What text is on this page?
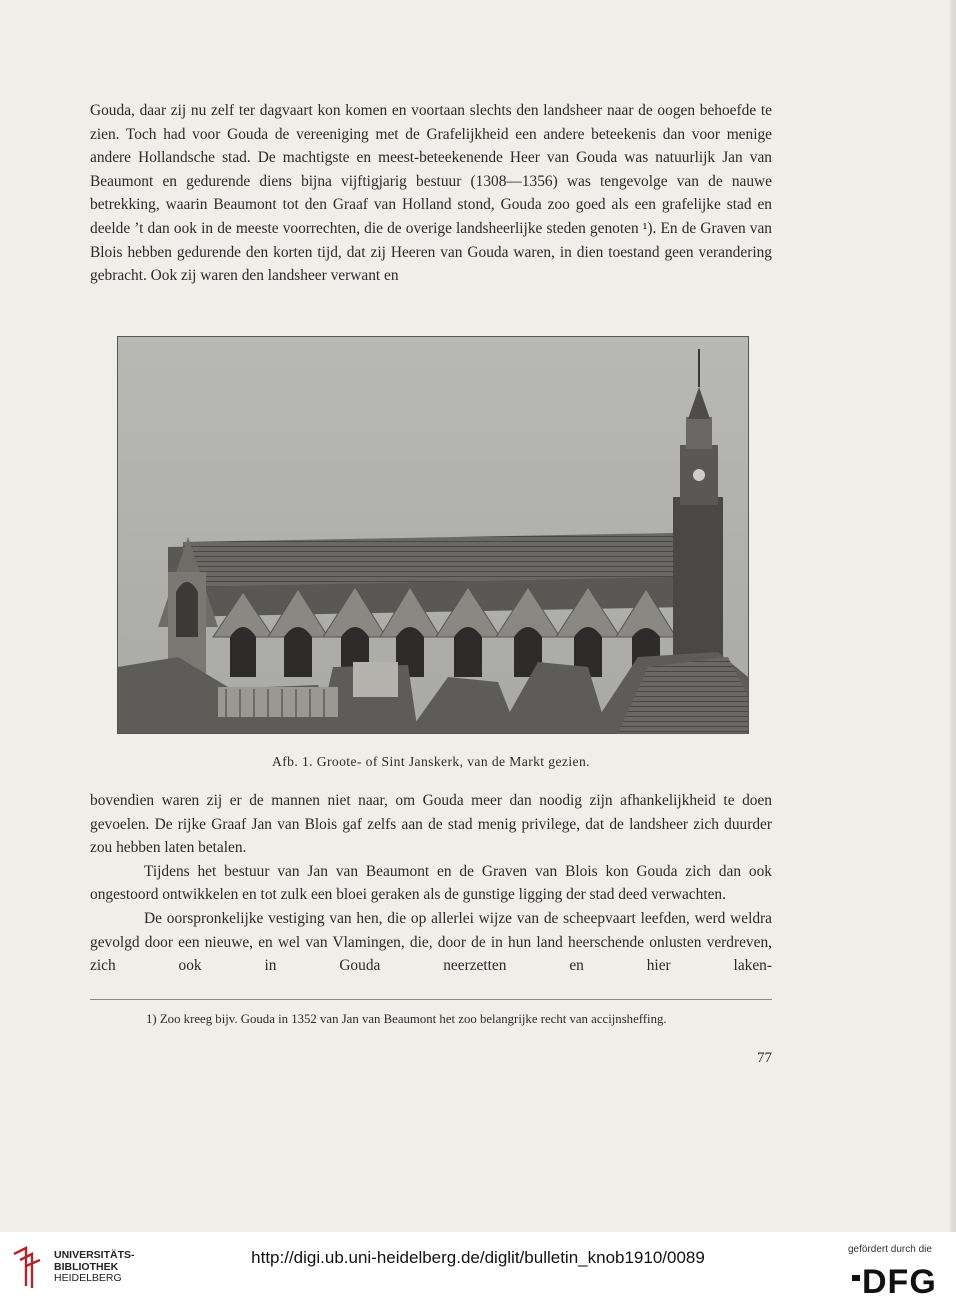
Gouda, daar zij nu zelf ter dagvaart kon komen en voortaan slechts den landsheer naar de oogen behoefde te zien. Toch had voor Gouda de vereeniging met de Grafelijkheid een andere beteekenis dan voor menige andere Hollandsche stad. De machtigste en meest-beteekenende Heer van Gouda was natuurlijk Jan van Beaumont en gedurende diens bijna vijftigjarig bestuur (1308—1356) was tengevolge van de nauwe betrekking, waarin Beaumont tot den Graaf van Holland stond, Gouda zoo goed als een grafelijke stad en deelde ’t dan ook in de meeste voorrechten, die de overige landsheerlijke steden genoten ¹). En de Graven van Blois hebben gedurende den korten tijd, dat zij Heeren van Gouda waren, in dien toestand geen verandering gebracht. Ook zij waren den landsheer verwant en

Afb. 1. Groote- of Sint Janskerk, van de Markt gezien.

bovendien waren zij er de mannen niet naar, om Gouda meer dan noodig zijn afhankelijkheid te doen gevoelen. De rijke Graaf Jan van Blois gaf zelfs aan de stad menig privilege, dat de landsheer zich duurder zou hebben laten betalen.

Tijdens het bestuur van Jan van Beaumont en de Graven van Blois kon Gouda zich dan ook ongestoord ontwikkelen en tot zulk een bloei geraken als de gunstige ligging der stad deed verwachten.

De oorspronkelijke vestiging van hen, die op allerlei wijze van de scheepvaart leefden, werd weldra gevolgd door een nieuwe, en wel van Vlamingen, die, door de in hun land heerschende onlusten verdreven, zich ook in Gouda neerzetten en hier laken-

1) Zoo kreeg bijv. Gouda in 1352 van Jan van Beaumont het zoo belangrijke recht van accijnsheffing.
77
UNIVERSITÄTS-
BIBLIOTHEK
HEIDELBERG
http://digi.ub.uni-heidelberg.de/diglit/bulletin_knob1910/0089	gefördert durch die
DFG
